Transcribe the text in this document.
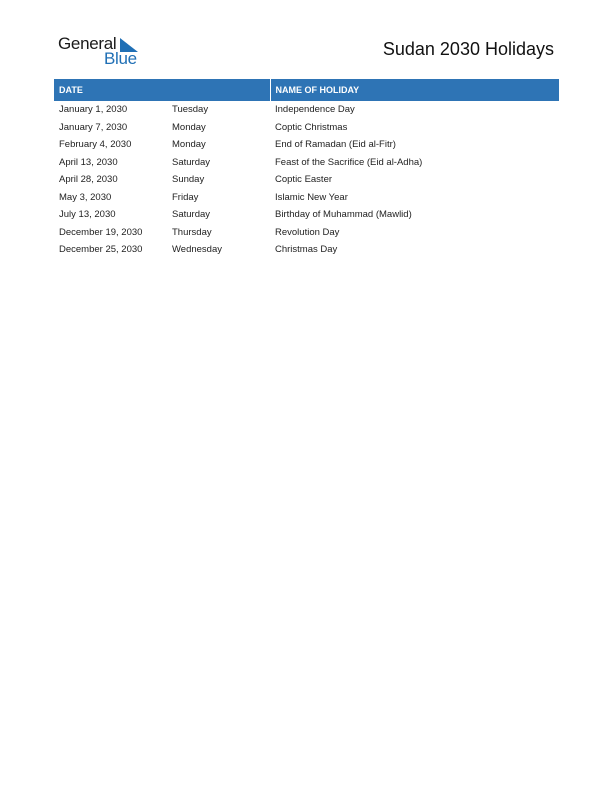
General
Blue	Sudan 2030 Holidays
DATE		NAME OF HOLIDAY
January 1, 2030	Tuesday	Independence Day
January 7, 2030	Monday	Coptic Christmas
February 4, 2030	Monday	End of Ramadan (Eid al-Fitr)
April 13, 2030	Saturday	Feast of the Sacrifice (Eid al-Adha)
April 28, 2030	Sunday	Coptic Easter
May 3, 2030	Friday	Islamic New Year
July 13, 2030	Saturday	Birthday of Muhammad (Mawlid)
December 19, 2030	Thursday	Revolution Day
December 25, 2030	Wednesday	Christmas Day
